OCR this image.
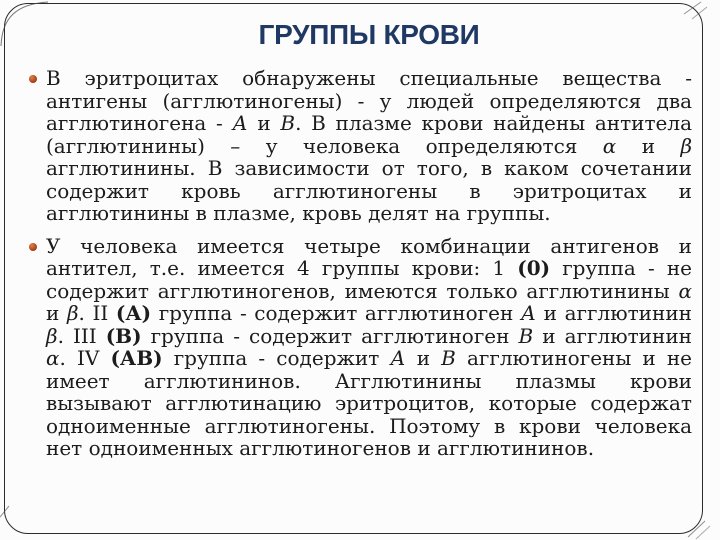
ГРУППЫ КРОВИ
В эритроцитах обнаружены специальные вещества - антигены (агглютиногены) - у людей определяются два агглютиногена - А и В. В плазме крови найдены антитела (агглютинины) – у человека определяются α и β агглютинины. В зависимости от того, в каком сочетании содержит кровь агглютиногены в эритроцитах и агглютинины в плазме, кровь делят на группы.
У человека имеется четыре комбинации антигенов и антител, т.е. имеется 4 группы крови: 1 (0) группа - не содержит агглютиногенов, имеются только агглютинины α и β. II (А) группа - содержит агглютиноген А и агглютинин β. III (В) группа - содержит агглютиноген В и агглютинин α. IV (АВ) группа - содержит А и В агглютиногены и не имеет агглютининов. Агглютинины плазмы крови вызывают агглютинацию эритроцитов, которые содержат одноименные агглютиногены. Поэтому в крови человека нет одноименных агглютиногенов и агглютининов.
